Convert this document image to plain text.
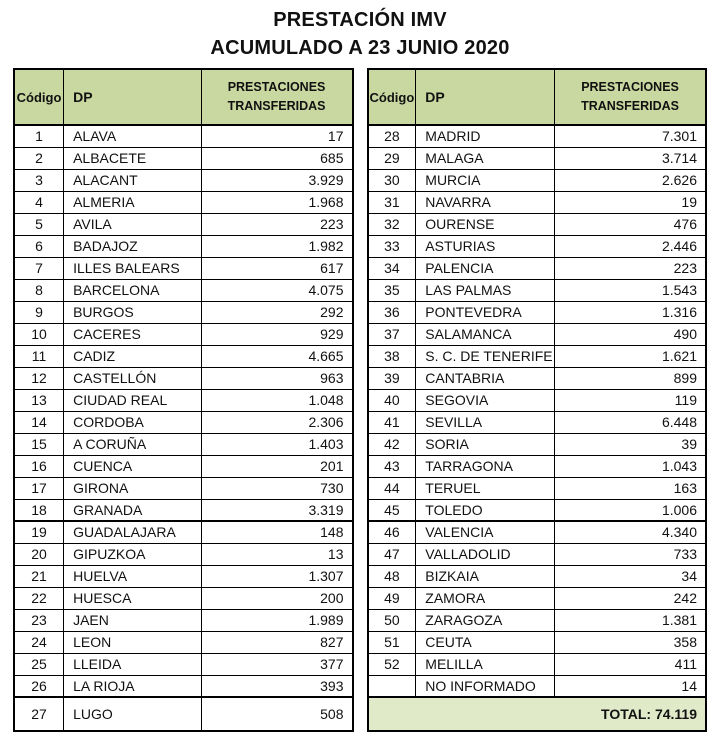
PRESTACIÓN IMV
ACUMULADO A 23 JUNIO 2020
Código	DP	PRESTACIONES TRANSFERIDAS
1	ALAVA	17
2	ALBACETE	685
3	ALACANT	3.929
4	ALMERIA	1.968
5	AVILA	223
6	BADAJOZ	1.982
7	ILLES BALEARS	617
8	BARCELONA	4.075
9	BURGOS	292
10	CACERES	929
11	CADIZ	4.665
12	CASTELLÓN	963
13	CIUDAD REAL	1.048
14	CORDOBA	2.306
15	A CORUÑA	1.403
16	CUENCA	201
17	GIRONA	730
18	GRANADA	3.319
19	GUADALAJARA	148
20	GIPUZKOA	13
21	HUELVA	1.307
22	HUESCA	200
23	JAEN	1.989
24	LEON	827
25	LLEIDA	377
26	LA RIOJA	393
27	LUGO	508
Código	DP	PRESTACIONES TRANSFERIDAS
28	MADRID	7.301
29	MALAGA	3.714
30	MURCIA	2.626
31	NAVARRA	19
32	OURENSE	476
33	ASTURIAS	2.446
34	PALENCIA	223
35	LAS PALMAS	1.543
36	PONTEVEDRA	1.316
37	SALAMANCA	490
38	S. C. DE TENERIFE	1.621
39	CANTABRIA	899
40	SEGOVIA	119
41	SEVILLA	6.448
42	SORIA	39
43	TARRAGONA	1.043
44	TERUEL	163
45	TOLEDO	1.006
46	VALENCIA	4.340
47	VALLADOLID	733
48	BIZKAIA	34
49	ZAMORA	242
50	ZARAGOZA	1.381
51	CEUTA	358
52	MELILLA	411
	NO INFORMADO	14
TOTAL: 74.119		
